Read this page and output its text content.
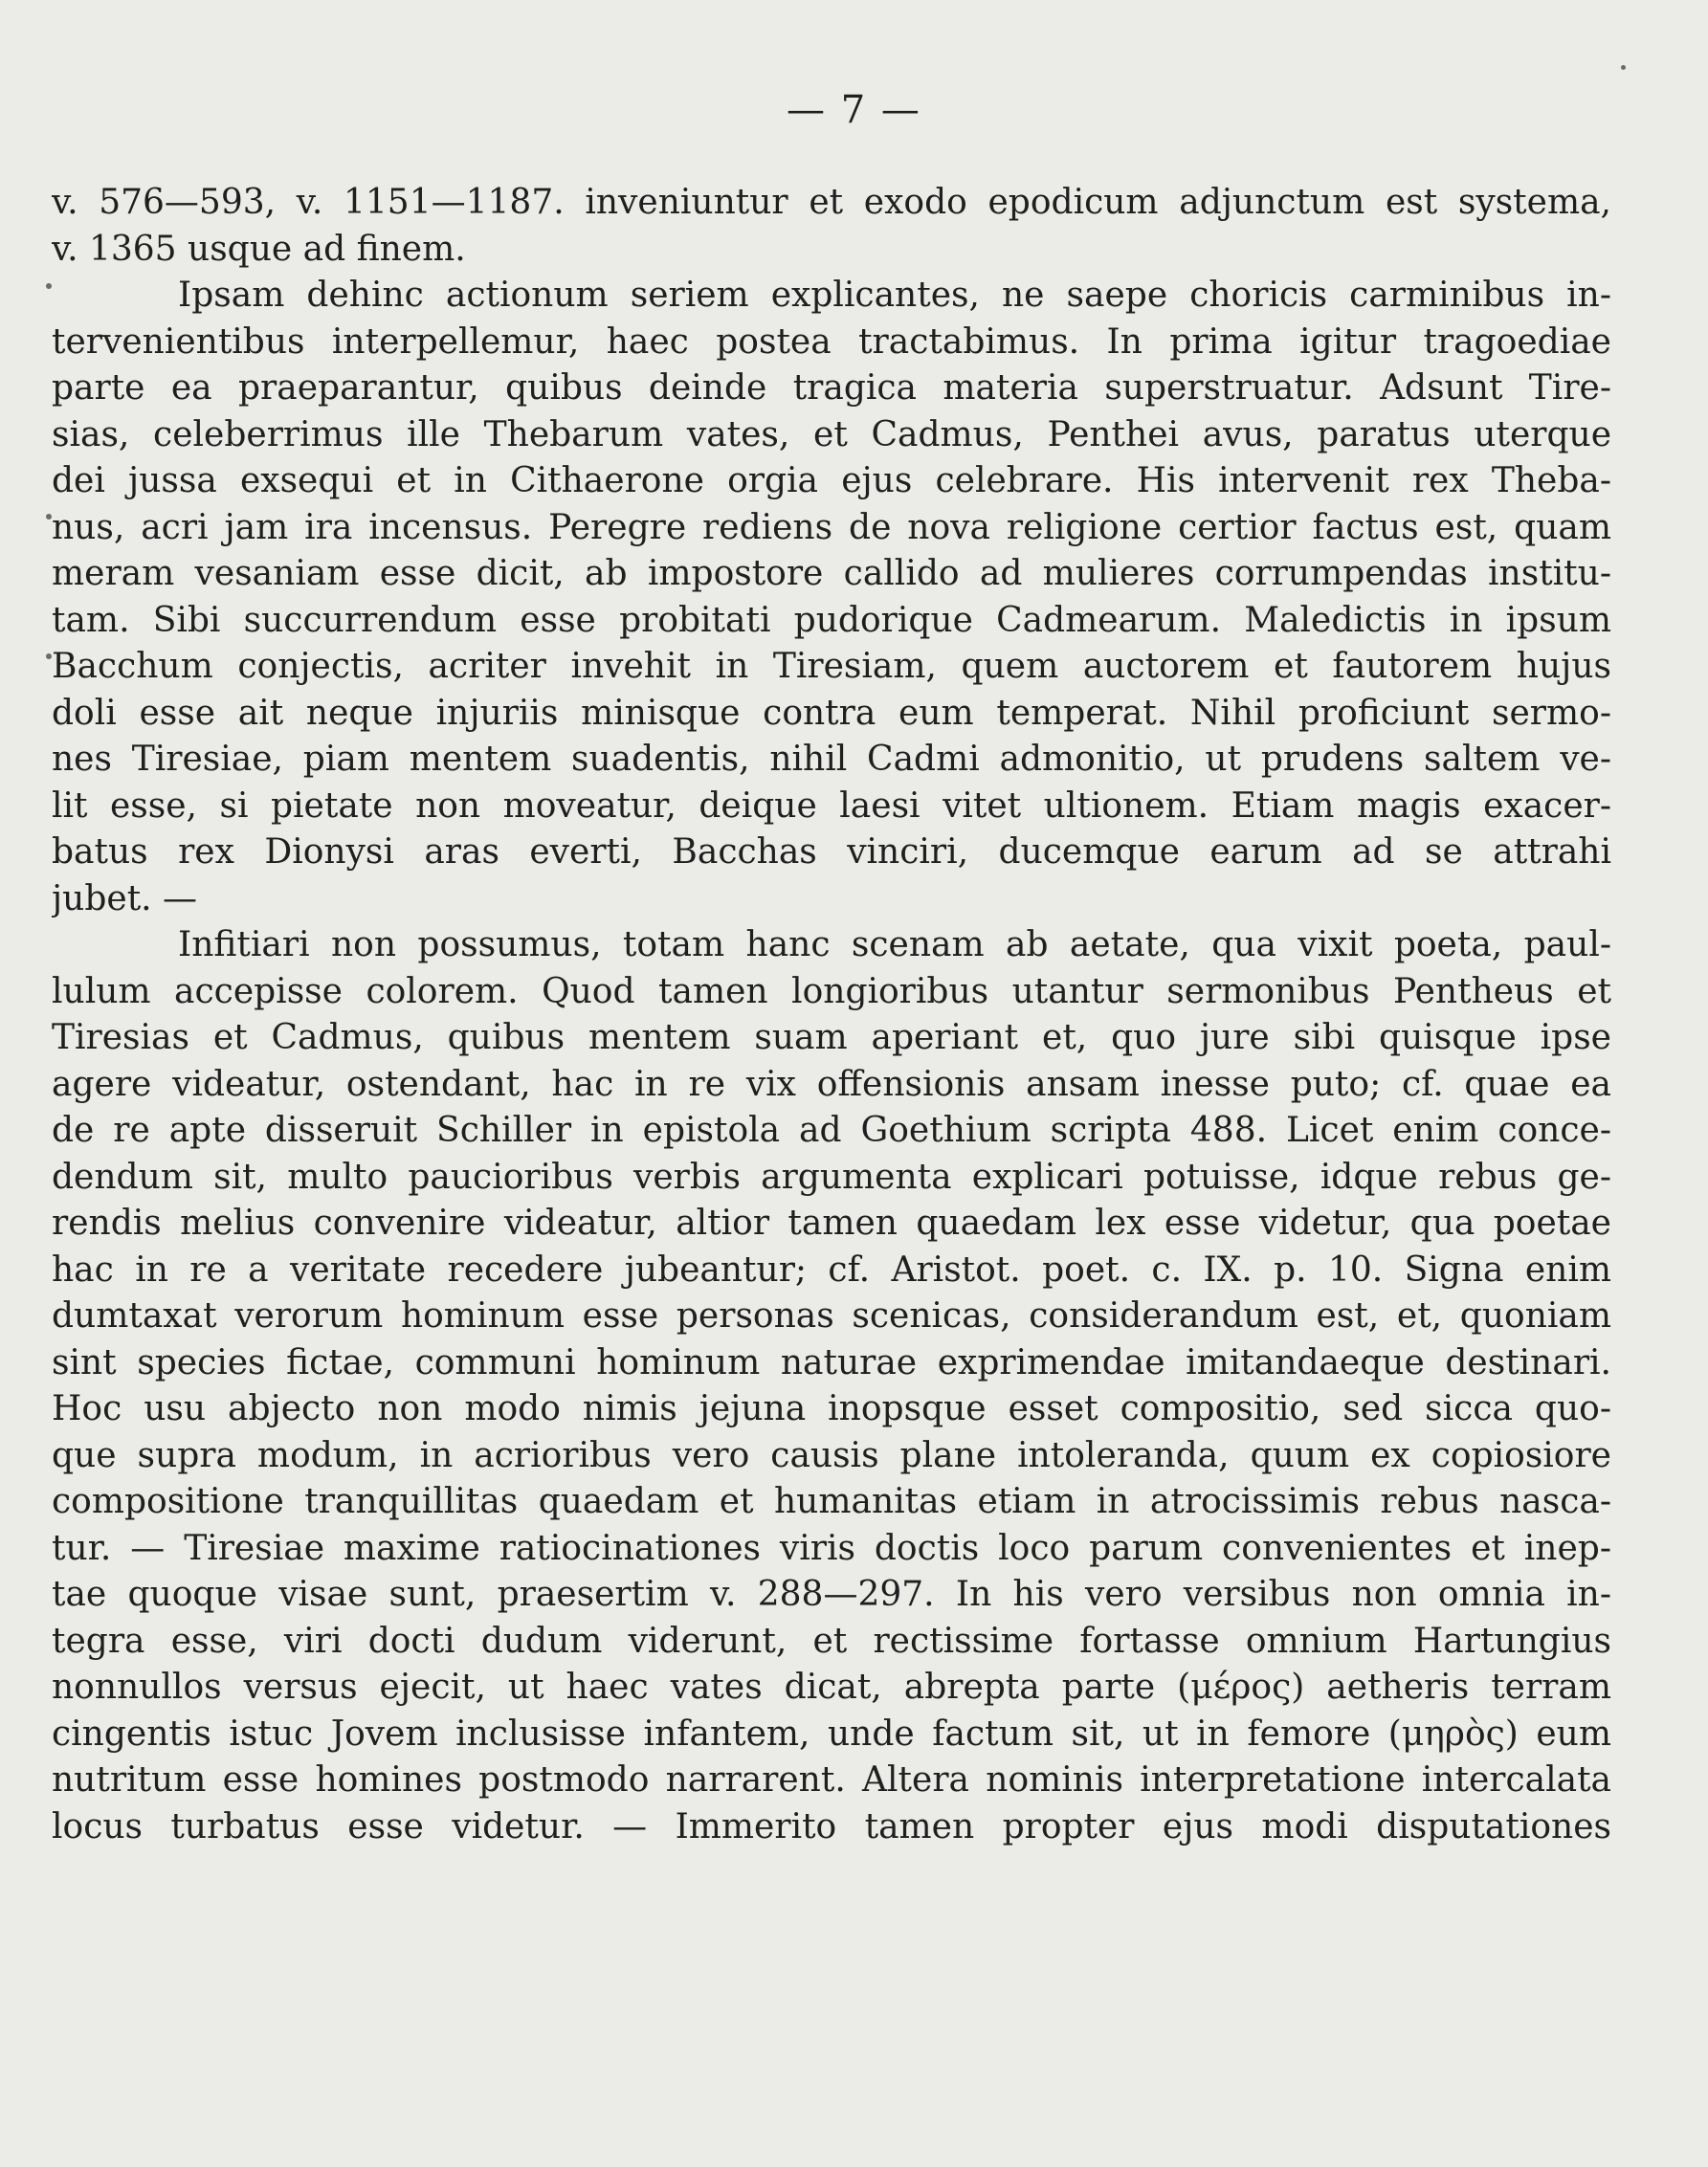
— 7 —
v. 576—593, v. 1151—1187. inveniuntur et exodo epodicum adjunctum est systema,
v. 1365 usque ad finem.
Ipsam dehinc actionum seriem explicantes, ne saepe choricis carminibus in-
tervenientibus interpellemur, haec postea tractabimus. In prima igitur tragoediae
parte ea praeparantur, quibus deinde tragica materia superstruatur. Adsunt Tire-
sias, celeberrimus ille Thebarum vates, et Cadmus, Penthei avus, paratus uterque
dei jussa exsequi et in Cithaerone orgia ejus celebrare. His intervenit rex Theba-
nus, acri jam ira incensus. Peregre rediens de nova religione certior factus est, quam
meram vesaniam esse dicit, ab impostore callido ad mulieres corrumpendas institu-
tam. Sibi succurrendum esse probitati pudorique Cadmearum. Maledictis in ipsum
Bacchum conjectis, acriter invehit in Tiresiam, quem auctorem et fautorem hujus
doli esse ait neque injuriis minisque contra eum temperat. Nihil proficiunt sermo-
nes Tiresiae, piam mentem suadentis, nihil Cadmi admonitio, ut prudens saltem ve-
lit esse, si pietate non moveatur, deique laesi vitet ultionem. Etiam magis exacer-
batus rex Dionysi aras everti, Bacchas vinciri, ducemque earum ad se attrahi
jubet. —
Infitiari non possumus, totam hanc scenam ab aetate, qua vixit poeta, paul-
lulum accepisse colorem. Quod tamen longioribus utantur sermonibus Pentheus et
Tiresias et Cadmus, quibus mentem suam aperiant et, quo jure sibi quisque ipse
agere videatur, ostendant, hac in re vix offensionis ansam inesse puto; cf. quae ea
de re apte disseruit Schiller in epistola ad Goethium scripta 488. Licet enim conce-
dendum sit, multo paucioribus verbis argumenta explicari potuisse, idque rebus ge-
rendis melius convenire videatur, altior tamen quaedam lex esse videtur, qua poetae
hac in re a veritate recedere jubeantur; cf. Aristot. poet. c. IX. p. 10. Signa enim
dumtaxat verorum hominum esse personas scenicas, considerandum est, et, quoniam
sint species fictae, communi hominum naturae exprimendae imitandaeque destinari.
Hoc usu abjecto non modo nimis jejuna inopsque esset compositio, sed sicca quo-
que supra modum, in acrioribus vero causis plane intoleranda, quum ex copiosiore
compositione tranquillitas quaedam et humanitas etiam in atrocissimis rebus nasca-
tur. — Tiresiae maxime ratiocinationes viris doctis loco parum convenientes et inep-
tae quoque visae sunt, praesertim v. 288—297. In his vero versibus non omnia in-
tegra esse, viri docti dudum viderunt, et rectissime fortasse omnium Hartungius
nonnullos versus ejecit, ut haec vates dicat, abrepta parte (μέρος) aetheris terram
cingentis istuc Jovem inclusisse infantem, unde factum sit, ut in femore (μηρὸς) eum
nutritum esse homines postmodo narrarent. Altera nominis interpretatione intercalata
locus turbatus esse videtur. — Immerito tamen propter ejus modi disputationes
